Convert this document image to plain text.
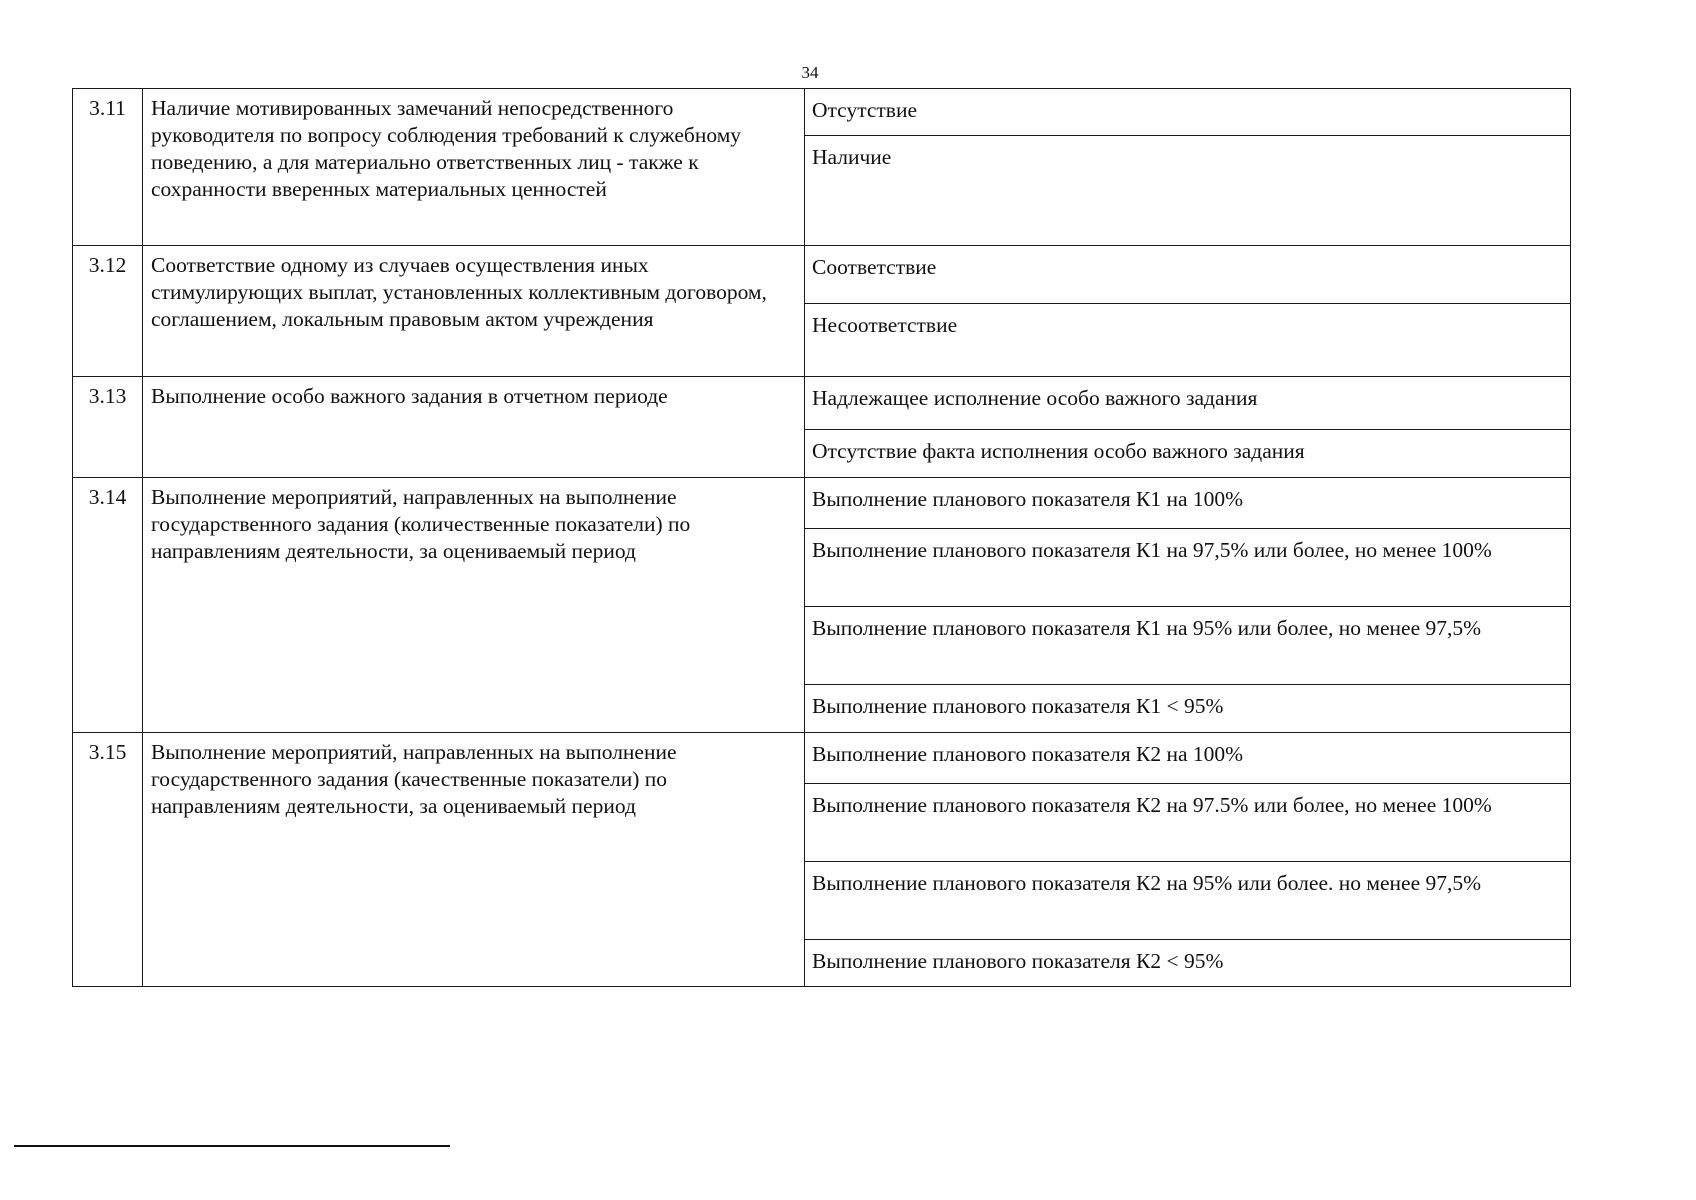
34
3.11	Наличие мотивированных замечаний непосредственного руководителя по вопросу соблюдения требований к служебному поведению, а для материально ответственных лиц - также к сохранности вверенных материальных ценностей	Отсутствие
Наличие

3.12	Соответствие одному из случаев осуществления иных стимулирующих выплат, установленных коллективным договором, соглашением, локальным правовым актом учреждения	Соответствие
Несоответствие

3.13	Выполнение особо важного задания в отчетном периоде	Надлежащее исполнение особо важного задания
Отсутствие факта исполнения особо важного задания

3.14	Выполнение мероприятий, направленных на выполнение государственного задания (количественные показатели) по направлениям деятельности, за оцениваемый период	Выполнение планового показателя К1 на 100%
Выполнение планового показателя К1 на 97,5% или более, но менее 100%
Выполнение планового показателя К1 на 95% или более, но менее 97,5%
Выполнение планового показателя К1 < 95%

3.15	Выполнение мероприятий, направленных на выполнение государственного задания (качественные показатели) по направлениям деятельности, за оцениваемый период	Выполнение планового показателя К2 на 100%
Выполнение планового показателя К2 на 97.5% или более, но менее 100%
Выполнение планового показателя К2 на 95% или более. но менее 97,5%
Выполнение планового показателя К2 < 95%
